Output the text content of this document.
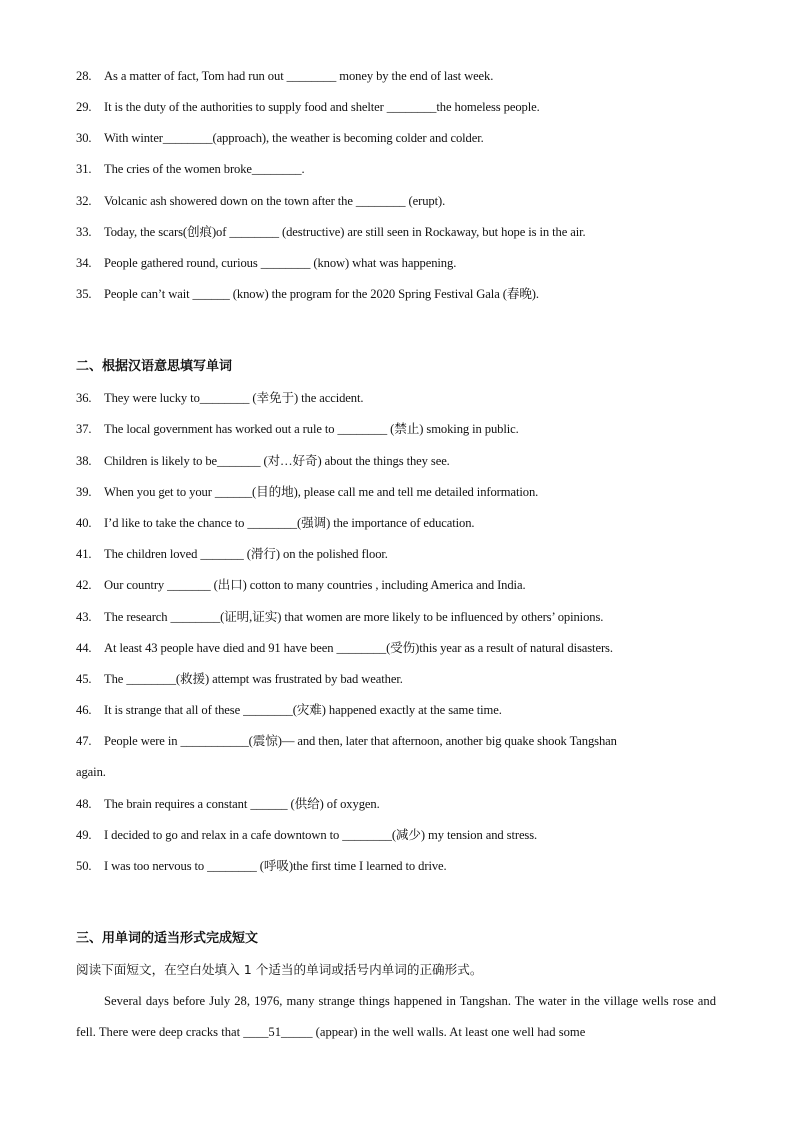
28. As a matter of fact, Tom had run out ________ money by the end of last week.
29. It is the duty of the authorities to supply food and shelter ________the homeless people.
30. With winter________(approach), the weather is becoming colder and colder.
31. The cries of the women broke________.
32. Volcanic ash showered down on the town after the ________ (erupt).
33. Today, the scars(创痕)of ________ (destructive) are still seen in Rockaway, but hope is in the air.
34. People gathered round, curious ________ (know) what was happening.
35. People can’t wait ______ (know) the program for the 2020 Spring Festival Gala (春晚).
二、根据汉语意思填写单词
36. They were lucky to________ (幸免于) the accident.
37. The local government has worked out a rule to ________ (禁止) smoking in public.
38. Children is likely to be_______ (对…好奇) about the things they see.
39. When you get to your ______(目的地), please call me and tell me detailed information.
40. I’d like to take the chance to ________(强调) the importance of education.
41. The children loved _______ (滑行) on the polished floor.
42. Our country _______ (出口) cotton to many countries , including America and India.
43. The research ________(证明,证实) that women are more likely to be influenced by others’ opinions.
44. At least 43 people have died and 91 have been ________(受伤)this year as a result of natural disasters.
45. The ________(救援) attempt was frustrated by bad weather.
46. It is strange that all of these ________(灾难) happened exactly at the same time.
47. People were in ___________(震惊)— and then, later that afternoon, another big quake shook Tangshan
again.
48. The brain requires a constant ______ (供给) of oxygen.
49. I decided to go and relax in a cafe downtown to ________(减少) my tension and stress.
50. I was too nervous to ________ (呼吸)the first time I learned to drive.
三、用单词的适当形式完成短文
阅读下面短文，在空白处填入 1 个适当的单词或括号内单词的正确形式。
Several days before July 28, 1976, many strange things happened in Tangshan. The water in the village wells rose and fell. There were deep cracks that ____51_____ (appear) in the well walls. At least one well had some
